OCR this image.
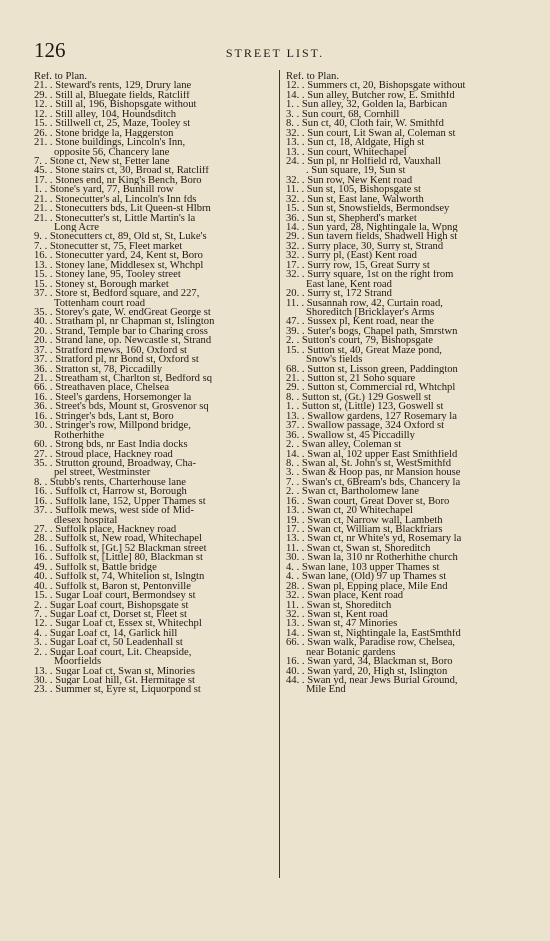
126	STREET LIST.
Ref. to Plan.
21. . Steward's rents, 129, Drury lane
29. . Still al, Bluegate fields, Ratcliff
12. . Still al, 196, Bishopsgate without
12. . Still alley, 104, Houndsditch
15. . Stillwell ct, 25, Maze, Tooley st
26. . Stone bridge la, Haggerston
21. . Stone buildings, Lincoln's Inn,
opposite 56, Chancery lane
7. . Stone ct, New st, Fetter lane
45. . Stone stairs ct, 30, Broad st, Ratcliff
17. . Stones end, nr King's Bench, Boro
1. . Stone's yard, 77, Bunhill row
21. . Stonecutter's al, Lincoln's Inn fds
21. . Stonecutters bds, Lit Queen-st Hlbrn
21. . Stonecutter's st, Little Martin's la
Long Acre
9. . Stonecutters ct, 89, Old st, St, Luke's
7. . Stonecutter st, 75, Fleet market
16. . Stonecutter yard, 24, Kent st, Boro
13. . Stoney lane, Middlesex st, Whchpl
15. . Stoney lane, 95, Tooley street
15. . Stoney st, Borough market
37. . Store st, Bedford square, and 227,
Tottenham court road
35. . Storey's gate, W. endGreat George st
40. . Stratham pl, nr Chapman st, Islington
20. . Strand, Temple bar to Charing cross
20. . Strand lane, op. Newcastle st, Strand
37. . Stratford mews, 160, Oxford st
37. . Stratford pl, nr Bond st, Oxford st
36. . Stratton st, 78, Piccadilly
21. . Streatham st, Charlton st, Bedford sq
66. . Streathaven place, Chelsea
16. . Steel's gardens, Horsemonger la
36. . Street's bds, Mount st, Grosvenor sq
16. . Stringer's bds, Lant st, Boro
30. . Stringer's row, Millpond bridge,
Rotherhithe
60. . Strong bds, nr East India docks
27. . Stroud place, Hackney road
35. . Strutton ground, Broadway, Cha-
pel street, Westminster
8. . Stubb's rents, Charterhouse lane
16. . Suffolk ct, Harrow st, Borough
16. . Suffolk lane, 152, Upper Thames st
37. . Suffolk mews, west side of Mid-
dlesex hospital
27. . Suffolk place, Hackney road
28. . Suffolk st, New road, Whitechapel
16. . Suffolk st, [Gt.] 52 Blackman street
16. . Suffolk st, [Little] 80, Blackman st
49. . Suffolk st, Battle bridge
40. . Suffolk st, 74, Whitelion st, Islngtn
40. . Suffolk st, Baron st, Pentonville
15. . Sugar Loaf court, Bermondsey st
2. . Sugar Loaf court, Bishopsgate st
7. . Sugar Loaf ct, Dorset st, Fleet st
12. . Sugar Loaf ct, Essex st, Whitechpl
4. . Sugar Loaf ct, 14, Garlick hill
3. . Sugar Loaf ct, 50 Leadenhall st
2. . Sugar Loaf court, Lit. Cheapside,
Moorfields
13. . Sugar Loaf ct, Swan st, Minories
30. . Sugar Loaf hill, Gt. Hermitage st
23. . Summer st, Eyre st, Liquorpond st
Ref. to Plan.
12. . Summers ct, 20, Bishopsgate without
14. . Sun alley, Butcher row, E. Smithfd
1. . Sun alley, 32, Golden la, Barbican
3. . Sun court, 68, Cornhill
8. . Sun ct, 40, Cloth fair, W. Smithfd
32. . Sun court, Lit Swan al, Coleman st
13. . Sun ct, 18, Aldgate, High st
13. . Sun court, Whitechapel
24. . Sun pl, nr Holfield rd, Vauxhall
. Sun square, 19, Sun st
32. . Sun row, New Kent road
11. . Sun st, 105, Bishopsgate st
32. . Sun st, East lane, Walworth
15. . Sun st, Snowsfields, Bermondsey
36. . Sun st, Shepherd's market
14. . Sun yard, 28, Nightingale la, Wpng
29. . Sun tavern fields, Shadwell High st
32. . Surry place, 30, Surry st, Strand
32. . Surry pl, (East) Kent road
17. . Surry row, 15, Great Surry st
32. . Surry square, 1st on the right from
East lane, Kent road
20. . Surry st, 172 Strand
11. . Susannah row, 42, Curtain road,
Shoreditch [Bricklayer's Arms
47. . Sussex pl, Kent road, near the
39. . Suter's bogs, Chapel path, Smrstwn
2. . Sutton's court, 79, Bishopsgate
15. . Sutton st, 40, Great Maze pond,
Snow's fields
68. . Sutton st, Lisson green, Paddington
21. . Sutton st, 21 Soho square
29. . Sutton st, Commercial rd, Whtchpl
8. . Sutton st, (Gt.) 129 Goswell st
1. . Sutton st, (Little) 123, Goswell st
13. . Swallow gardens, 127 Rosemary la
37. . Swallow passage, 324 Oxford st
36. . Swallow st, 45 Piccadilly
2. . Swan alley, Coleman st
14. . Swan al, 102 upper East Smithfield
8. . Swan al, St. John's st, WestSmithfd
3. . Swan & Hoop pas, nr Mansion house
7. . Swan's ct, 6Bream's bds, Chancery la
2. . Swan ct, Bartholomew lane
16. . Swan court, Great Dover st, Boro
13. . Swan ct, 20 Whitechapel
19. . Swan ct, Narrow wall, Lambeth
17. . Swan ct, William st, Blackfriars
13. . Swan ct, nr White's yd, Rosemary la
11. . Swan ct, Swan st, Shoreditch
30. . Swan la, 310 nr Rotherhithe church
4. . Swan lane, 103 upper Thames st
4. . Swan lane, (Old) 97 up Thames st
28. . Swan pl, Epping place, Mile End
32. . Swan place, Kent road
11. . Swan st, Shoreditch
32. . Swan st, Kent road
13. . Swan st, 47 Minories
14. . Swan st, Nightingale la, EastSmthfd
66. . Swan walk, Paradise row, Chelsea,
near Botanic gardens
16. . Swan yard, 34, Blackman st, Boro
40. . Swan yard, 20, High st, Islington
44. . Swan yd, near Jews Burial Ground,
Mile End
